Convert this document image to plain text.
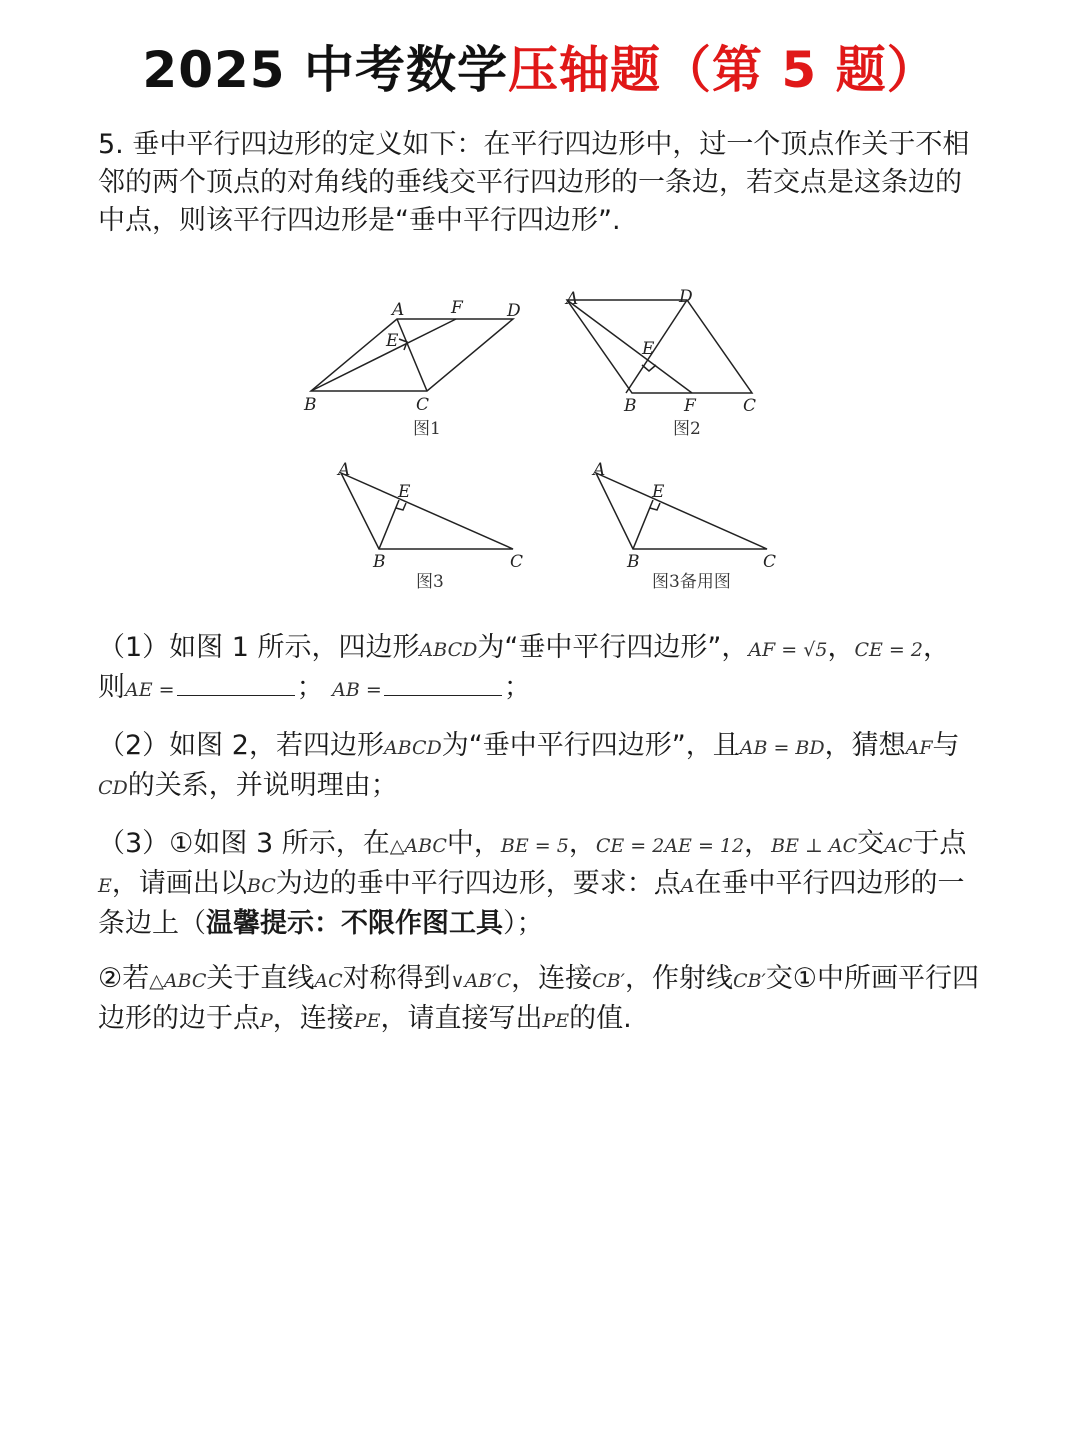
2025 中考数学压轴题（第 5 题）
5. 垂中平行四边形的定义如下：在平行四边形中，过一个顶点作关于不相邻的两个顶点的对角线的垂线交平行四边形的一条边，若交点是这条边的中点，则该平行四边形是“垂中平行四边形”.
A	F	D
E
B	C
图1
A	D
E
B	F	C
图2
A
E
B	C
图3
A
E
B	C
图3备用图
（1）如图 1 所示，四边形ABCD为“垂中平行四边形”，AF = √5，CE = 2，
则AE =	； AB =	；
（2）如图 2，若四边形ABCD为“垂中平行四边形”，且AB = BD，猜想AF与CD的关系，并说明理由；
（3）①如图 3 所示，在△ABC中，BE = 5，CE = 2AE = 12，BE ⊥ AC交AC于点E，请画出以BC为边的垂中平行四边形，要求：点A在垂中平行四边形的一条边上（温馨提示：不限作图工具）；
②若△ABC关于直线AC对称得到∨AB′C，连接CB′，作射线CB′交①中所画平行四边形的边于点P，连接PE，请直接写出PE的值.
